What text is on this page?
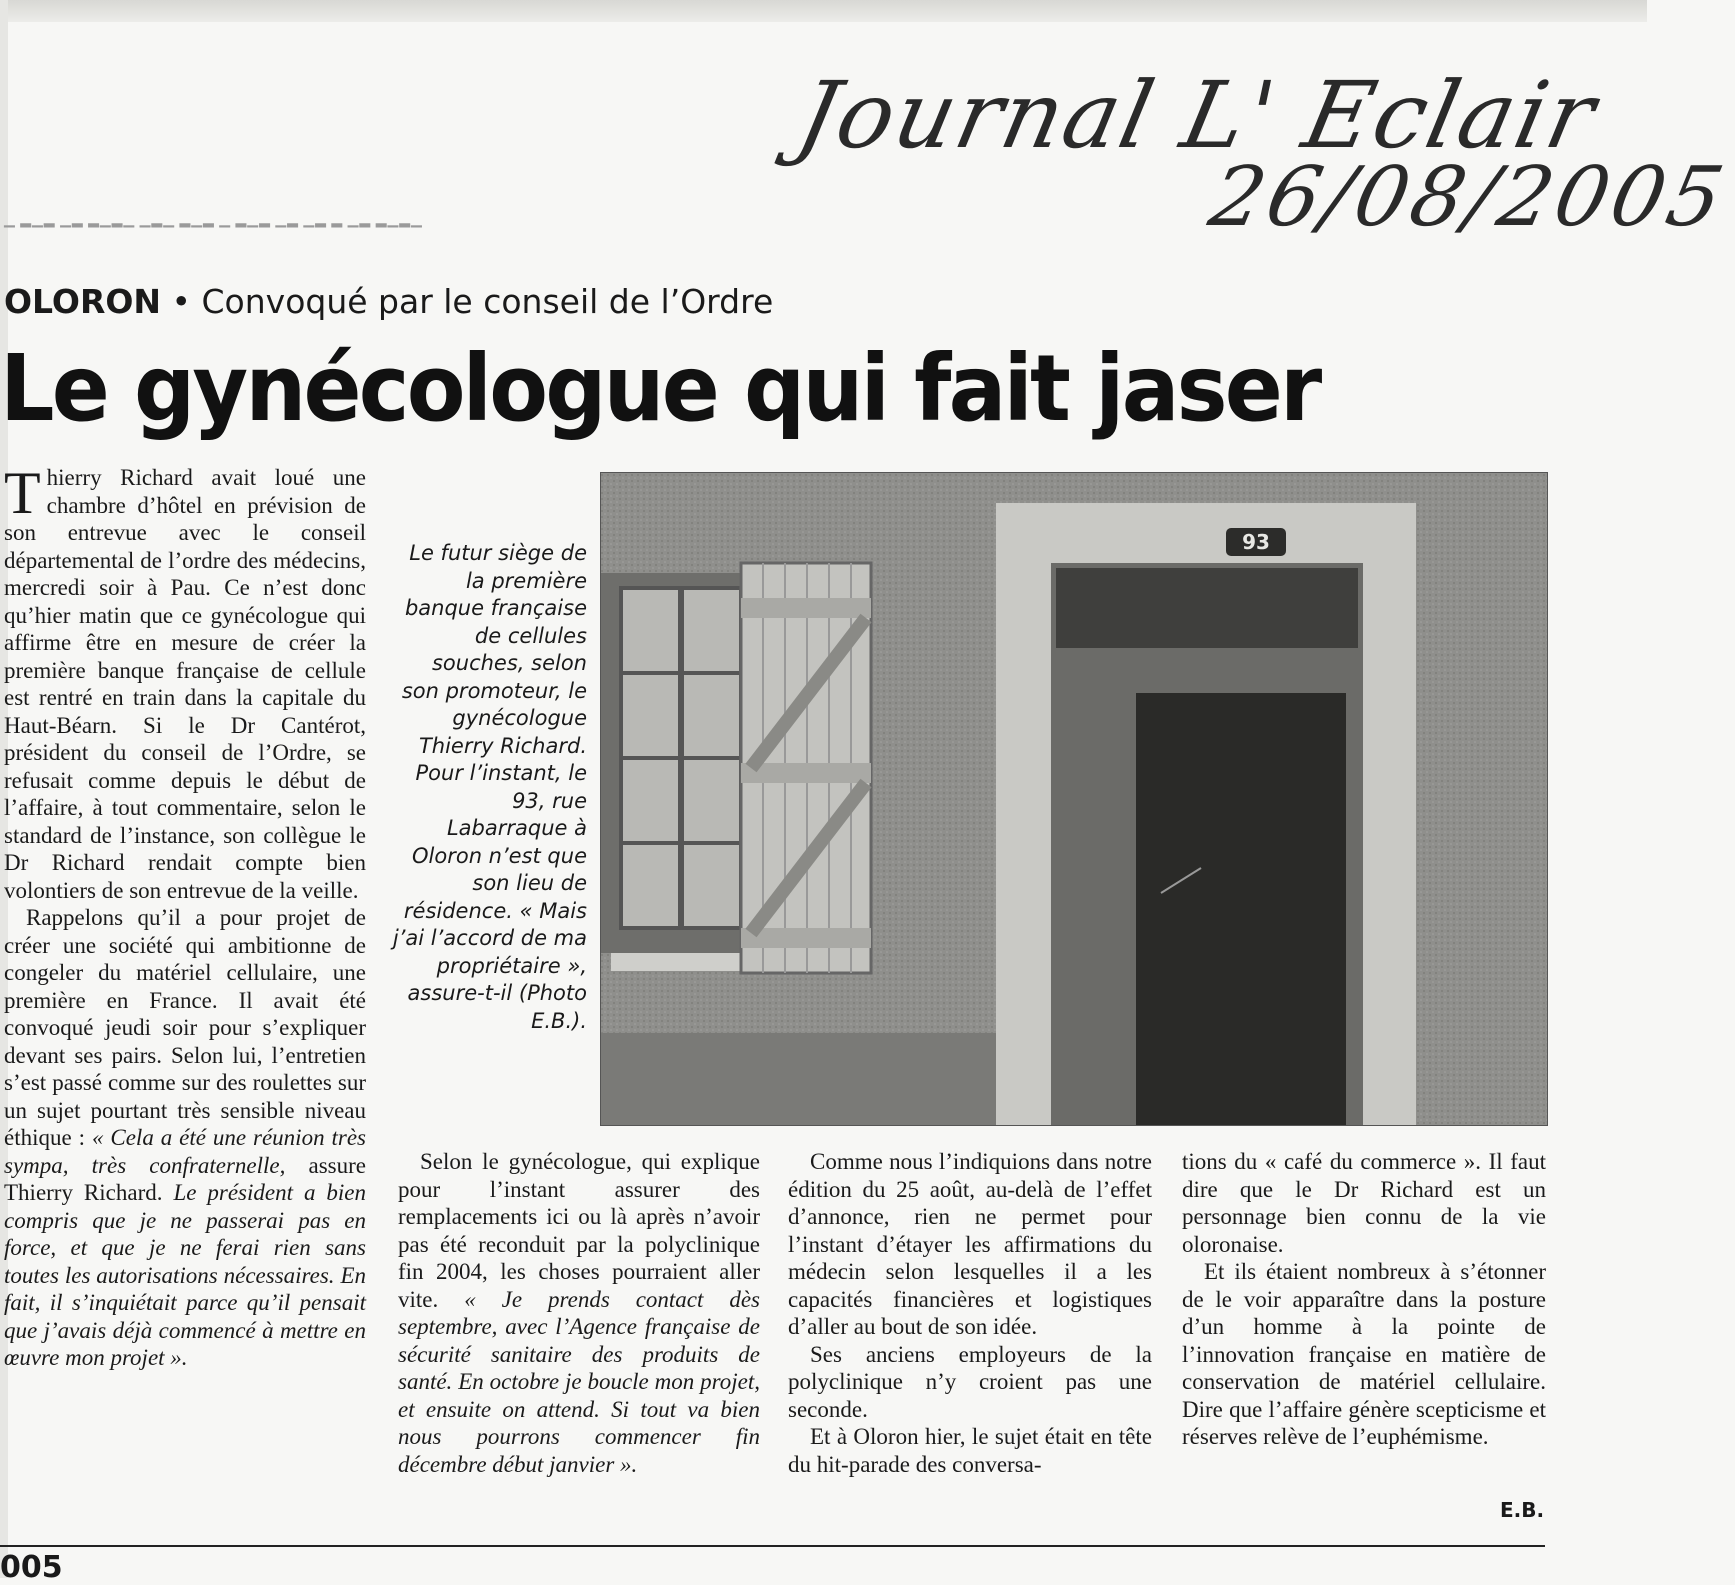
Journal L' Eclair
26/08/2005
▁ ▂▁▂ ▁▂ ▂▁▂▁ ▁▂▁ ▂▁▂ ▁ ▂▁▂ ▁▂ ▁▂ ▂ ▁▂ ▂▁▂▁
OLORON • Convoqué par le conseil de l’Ordre
Le gynécologue qui fait jaser

Thierry Richard avait loué une chambre d’hôtel en prévision de son entrevue avec le conseil départemental de l’ordre des médecins, mercredi soir à Pau. Ce n’est donc qu’hier matin que ce gynécologue qui affirme être en mesure de créer la première banque française de cellule est rentré en train dans la capitale du Haut-Béarn. Si le Dr Cantérot, président du conseil de l’Ordre, se refusait comme depuis le début de l’affaire, à tout commentaire, selon le standard de l’instance, son collègue le Dr Richard rendait compte bien volontiers de son entrevue de la veille.

Rappelons qu’il a pour projet de créer une société qui ambitionne de congeler du matériel cellulaire, une première en France. Il avait été convoqué jeudi soir pour s’expliquer devant ses pairs. Selon lui, l’entretien s’est passé comme sur des roulettes sur un sujet pourtant très sensible niveau éthique : « Cela a été une réunion très sympa, très confraternelle, assure Thierry Richard. Le président a bien compris que je ne passerai pas en force, et que je ne ferai rien sans toutes les autorisations nécessaires. En fait, il s’inquiétait parce qu’il pensait que j’avais déjà commencé à mettre en œuvre mon projet ».

Le futur siège de la première banque française de cellules souches, selon son promoteur, le gynécologue Thierry Richard. Pour l’instant, le 93, rue Labarraque à Oloron n’est que son lieu de résidence. « Mais j’ai l’accord de ma propriétaire », assure-t-il (Photo E.B.).
93

Selon le gynécologue, qui explique pour l’instant assurer des remplacements ici ou là après n’avoir pas été reconduit par la polyclinique fin 2004, les choses pourraient aller vite. « Je prends contact dès septembre, avec l’Agence française de sécurité sanitaire des produits de santé. En octobre je boucle mon projet, et ensuite on attend. Si tout va bien nous pourrons commencer fin décembre début janvier ».

Comme nous l’indiquions dans notre édition du 25 août, au-delà de l’effet d’annonce, rien ne permet pour l’instant d’étayer les affirmations du médecin selon lesquelles il a les capacités financières et logistiques d’aller au bout de son idée.

Ses anciens employeurs de la polyclinique n’y croient pas une seconde.

Et à Oloron hier, le sujet était en tête du hit-parade des conversa-

tions du « café du commerce ». Il faut dire que le Dr Richard est un personnage bien connu de la vie oloronaise.

Et ils étaient nombreux à s’étonner de le voir apparaître dans la posture d’un homme à la pointe de l’innovation française en matière de conservation de matériel cellulaire. Dire que l’affaire génère scepticisme et réserves relève de l’euphémisme.

E.B.
005
